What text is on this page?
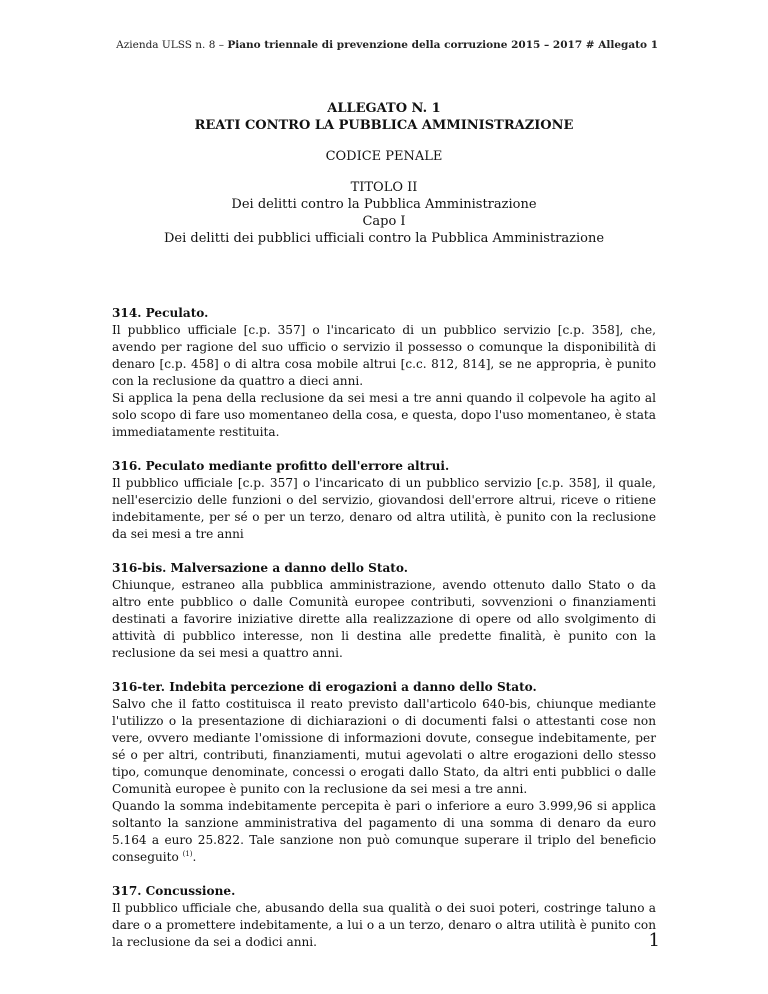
Azienda ULSS n. 8 – Piano triennale di prevenzione della corruzione 2015 – 2017 # Allegato 1
ALLEGATO N. 1
REATI CONTRO LA PUBBLICA AMMINISTRAZIONE
CODICE PENALE
TITOLO II
Dei delitti contro la Pubblica Amministrazione
Capo I
Dei delitti dei pubblici ufficiali contro la Pubblica Amministrazione
314. Peculato.

Il pubblico ufficiale [c.p. 357] o l'incaricato di un pubblico servizio [c.p. 358], che, avendo per ragione del suo ufficio o servizio il possesso o comunque la disponibilità di denaro [c.p. 458] o di altra cosa mobile altrui [c.c. 812, 814], se ne appropria, è punito con la reclusione da quattro a dieci anni.

Si applica la pena della reclusione da sei mesi a tre anni quando il colpevole ha agito al solo scopo di fare uso momentaneo della cosa, e questa, dopo l'uso momentaneo, è stata immediatamente restituita.

316. Peculato mediante profitto dell'errore altrui.

Il pubblico ufficiale [c.p. 357] o l'incaricato di un pubblico servizio [c.p. 358], il quale, nell'esercizio delle funzioni o del servizio, giovandosi dell'errore altrui, riceve o ritiene indebitamente, per sé o per un terzo, denaro od altra utilità, è punito con la reclusione da sei mesi a tre anni

316-bis. Malversazione a danno dello Stato.

Chiunque, estraneo alla pubblica amministrazione, avendo ottenuto dallo Stato o da altro ente pubblico o dalle Comunità europee contributi, sovvenzioni o finanziamenti destinati a favorire iniziative dirette alla realizzazione di opere od allo svolgimento di attività di pubblico interesse, non li destina alle predette finalità, è punito con la reclusione da sei mesi a quattro anni.

316-ter. Indebita percezione di erogazioni a danno dello Stato.

Salvo che il fatto costituisca il reato previsto dall'articolo 640-bis, chiunque mediante l'utilizzo o la presentazione di dichiarazioni o di documenti falsi o attestanti cose non vere, ovvero mediante l'omissione di informazioni dovute, consegue indebitamente, per sé o per altri, contributi, finanziamenti, mutui agevolati o altre erogazioni dello stesso tipo, comunque denominate, concessi o erogati dallo Stato, da altri enti pubblici o dalle Comunità europee è punito con la reclusione da sei mesi a tre anni.

Quando la somma indebitamente percepita è pari o inferiore a euro 3.999,96 si applica soltanto la sanzione amministrativa del pagamento di una somma di denaro da euro 5.164 a euro 25.822. Tale sanzione non può comunque superare il triplo del beneficio conseguito $^{(1)}$.

317. Concussione.

Il pubblico ufficiale che, abusando della sua qualità o dei suoi poteri, costringe taluno a dare o a promettere indebitamente, a lui o a un terzo, denaro o altra utilità è punito con la reclusione da sei a dodici anni.	1
